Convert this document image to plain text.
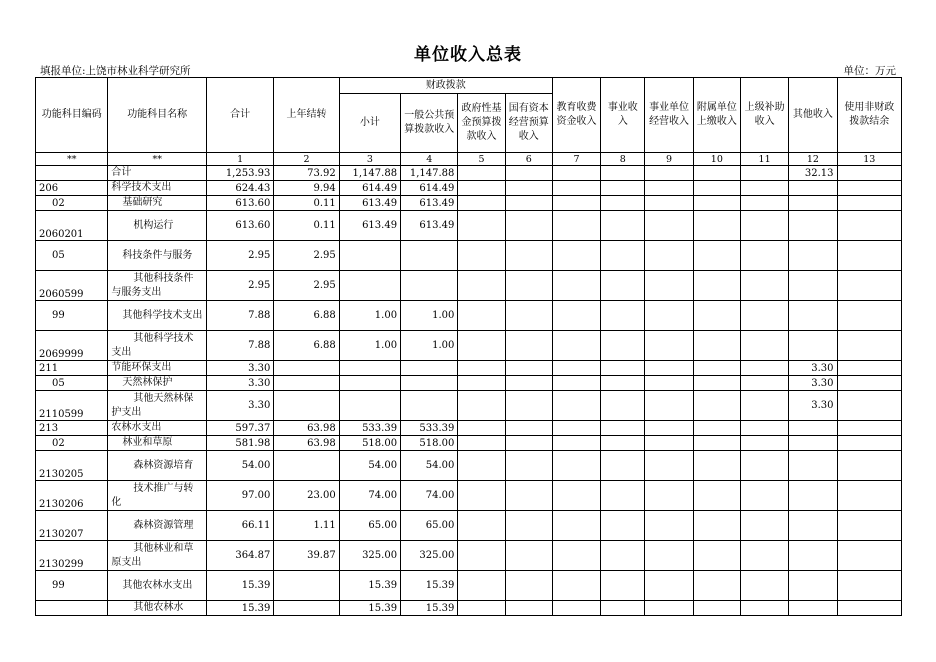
单位收入总表
填报单位:上饶市林业科学研究所	单位：万元
功能科目编码	功能科目名称	合计	上年结转	财政拨款				教育收费资金收入	事业收入	事业单位经营收入	附属单位上缴收入	上级补助收入	其他收入	使用非财政拨款结余
				小计	一般公共预算拨款收入	政府性基金预算拨款收入	国有资本经营预算收入							
**	**	1	2	3	4	5	6	7	8	9	10	11	12	13
	合计	1,253.93	73.92	1,147.88	1,147.88								32.13	
206	科学技术支出	624.43	9.94	614.49	614.49									
02	基础研究	613.60	0.11	613.49	613.49									
2060201	机构运行	613.60	0.11	613.49	613.49									
05	科技条件与服务	2.95	2.95											
2060599	其他科技条件与服务支出	2.95	2.95											
99	其他科学技术支出	7.88	6.88	1.00	1.00									
2069999	其他科学技术支出	7.88	6.88	1.00	1.00									
211	节能环保支出	3.30											3.30	
05	天然林保护	3.30											3.30	
2110599	其他天然林保护支出	3.30											3.30	
213	农林水支出	597.37	63.98	533.39	533.39									
02	林业和草原	581.98	63.98	518.00	518.00									
2130205	森林资源培育	54.00		54.00	54.00									
2130206	技术推广与转化	97.00	23.00	74.00	74.00									
2130207	森林资源管理	66.11	1.11	65.00	65.00									
2130299	其他林业和草原支出	364.87	39.87	325.00	325.00									
99	其他农林水支出	15.39		15.39	15.39									
	其他农林水	15.39		15.39	15.39									
